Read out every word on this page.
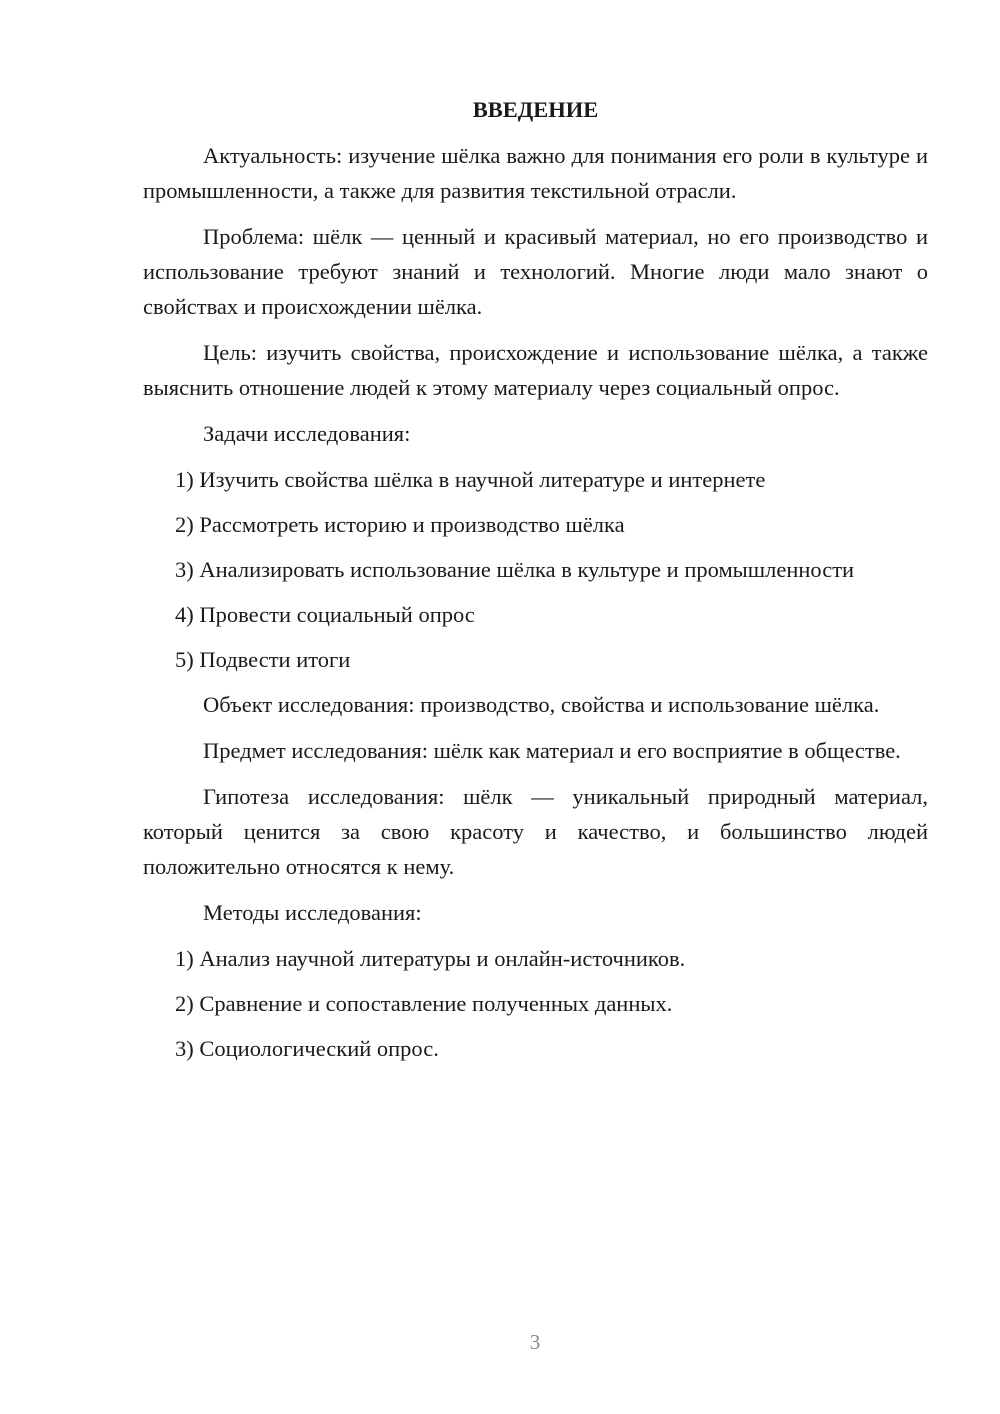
ВВЕДЕНИЕ

Актуальность: изучение шёлка важно для понимания его роли в культуре и промышленности, а также для развития текстильной отрасли.

Проблема: шёлк — ценный и красивый материал, но его производство и использование требуют знаний и технологий. Многие люди мало знают о свойствах и происхождении шёлка.

Цель: изучить свойства, происхождение и использование шёлка, а также выяснить отношение людей к этому материалу через социальный опрос.

Задачи исследования:

1) Изучить свойства шёлка в научной литературе и интернете
2) Рассмотреть историю и производство шёлка
3) Анализировать использование шёлка в культуре и промышленности
4) Провести социальный опрос
5) Подвести итоги

Объект исследования: производство, свойства и использование шёлка.

Предмет исследования: шёлк как материал и его восприятие в обществе.

Гипотеза исследования: шёлк — уникальный природный материал, который ценится за свою красоту и качество, и большинство людей положительно относятся к нему.

Методы исследования:

1) Анализ научной литературы и онлайн-источников.
2) Сравнение и сопоставление полученных данных.
3) Социологический опрос.
3
